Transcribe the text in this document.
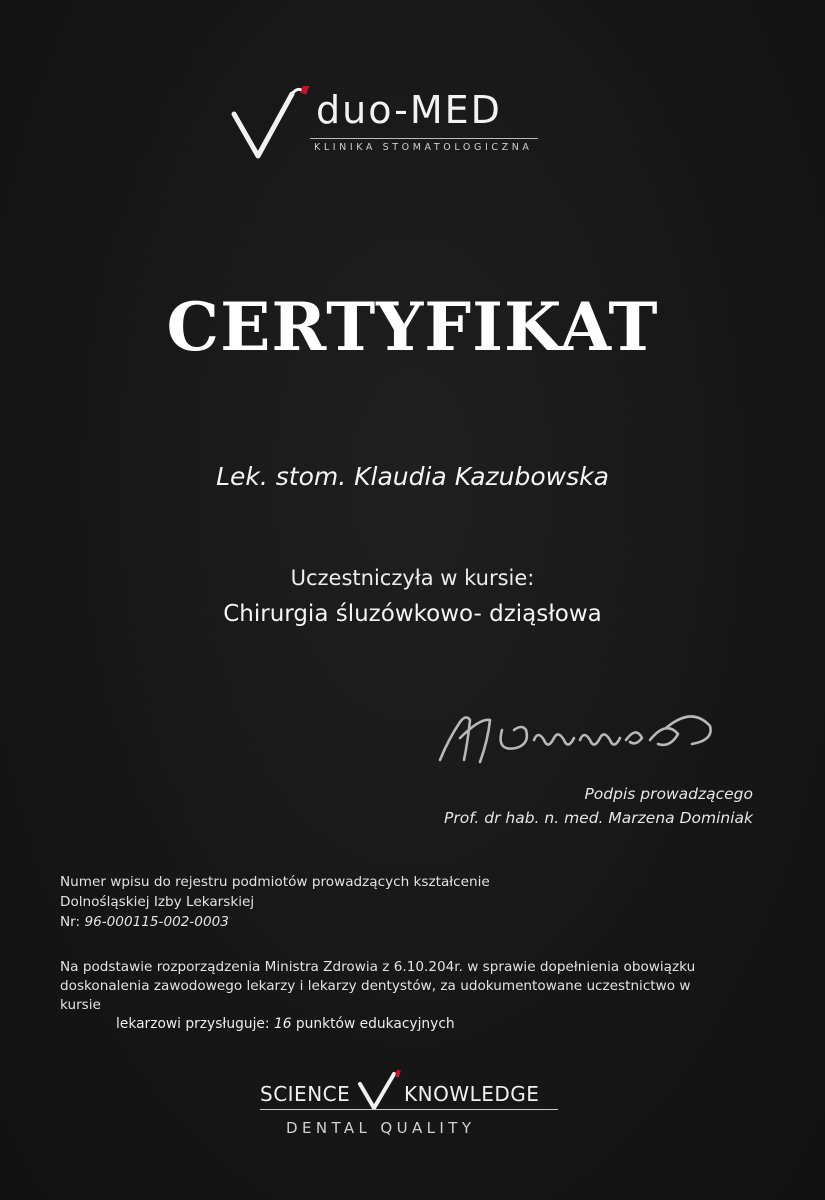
duo-MED
KLINIKA STOMATOLOGICZNA
CERTYFIKAT
Lek. stom. Klaudia Kazubowska
Uczestniczyła w kursie:
Chirurgia śluzówkowo- dziąsłowa
Podpis prowadzącego
Prof. dr hab. n. med. Marzena Dominiak
Numer wpisu do rejestru podmiotów prowadzących kształcenie
Dolnośląskiej Izby Lekarskiej
Nr: 96-000115-002-0003
Na podstawie rozporządzenia Ministra Zdrowia z 6.10.204r. w sprawie dopełnienia obowiązku
doskonalenia zawodowego lekarzy i lekarzy dentystów, za udokumentowane uczestnictwo w
kursie
lekarzowi przysługuje: 16 punktów edukacyjnych
SCIENCE	KNOWLEDGE
DENTAL QUALITY
